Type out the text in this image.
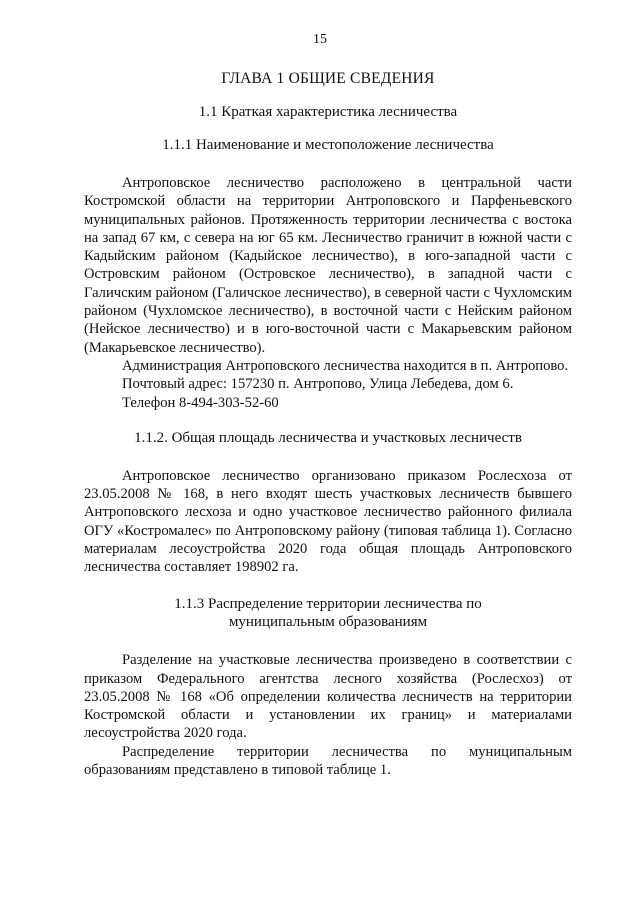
15
ГЛАВА 1 ОБЩИЕ СВЕДЕНИЯ
1.1 Краткая характеристика лесничества
1.1.1 Наименование и местоположение лесничества

Антроповское лесничество расположено в центральной части Костромской области на территории Антроповского и Парфеньевского муниципальных районов. Протяженность территории лесничества с востока на запад 67 км, с севера на юг 65 км. Лесничество граничит в южной части с Кадыйским районом (Кадыйское лесничество), в юго-западной части с Островским районом (Островское лесничество), в западной части с Галичским районом (Галичское лесничество), в северной части с Чухломским районом (Чухломское лесничество), в восточной части с Нейским районом (Нейское лесничество) и в юго-восточной части с Макарьевским районом (Макарьевское лесничество).

Администрация Антроповского лесничества находится в п. Антропово.

Почтовый адрес: 157230 п. Антропово, Улица Лебедева, дом 6.

Телефон 8-494-303-52-60

1.1.2. Общая площадь лесничества и участковых лесничеств

Антроповское лесничество организовано приказом Рослесхоза от 23.05.2008 № 168, в него входят шесть участковых лесничеств бывшего Антроповского лесхоза и одно участковое лесничество районного филиала ОГУ «Костромалес» по Антроповскому району (типовая таблица 1). Согласно материалам лесоустройства 2020 года общая площадь Антроповского лесничества составляет 198902 га.

1.1.3 Распределение территории лесничества по муниципальным образованиям

Разделение на участковые лесничества произведено в соответствии с приказом Федерального агентства лесного хозяйства (Рослесхоз) от 23.05.2008 № 168 «Об определении количества лесничеств на территории Костромской области и установлении их границ» и материалами лесоустройства 2020 года.

Распределение территории лесничества по муниципальным образованиям представлено в типовой таблице 1.
